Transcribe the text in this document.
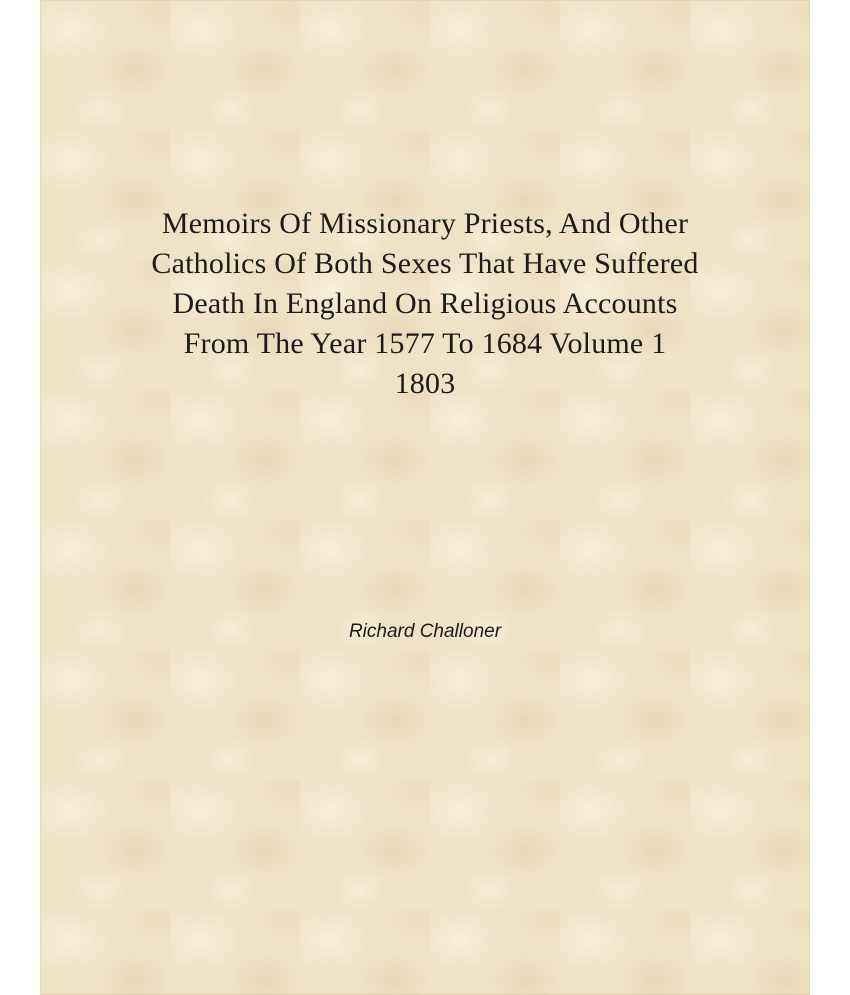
Memoirs Of Missionary Priests, And Other
Catholics Of Both Sexes That Have Suffered
Death In England On Religious Accounts
From The Year 1577 To 1684 Volume 1
1803
Richard Challoner
